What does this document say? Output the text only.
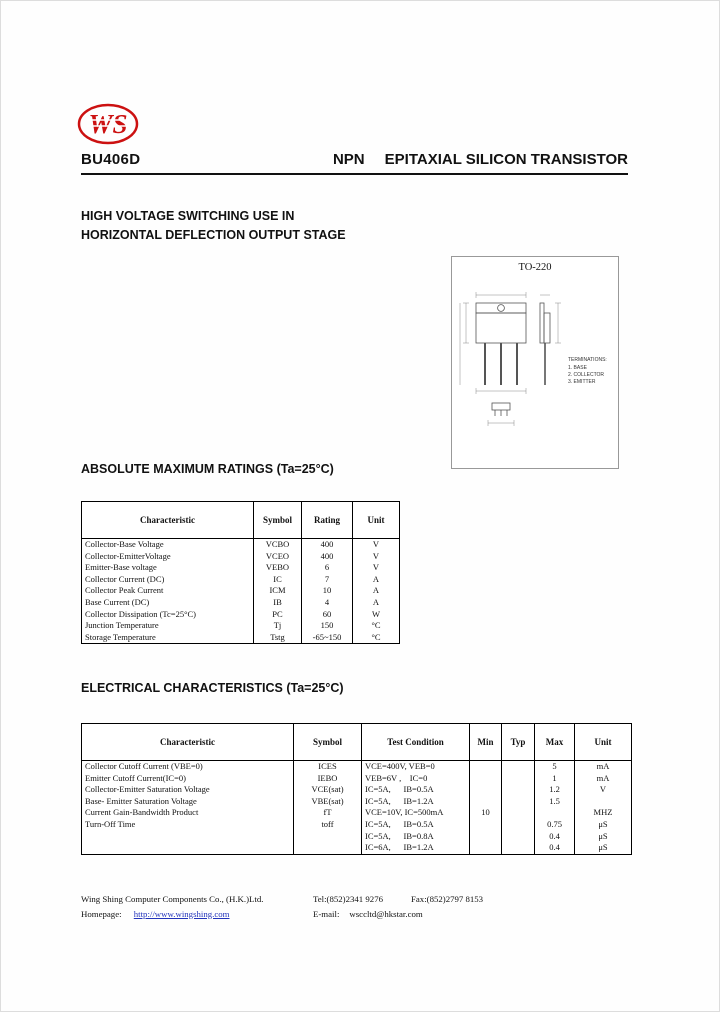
WS
BU406D	NPN EPITAXIAL SILICON TRANSISTOR
HIGH VOLTAGE SWITCHING USE IN
HORIZONTAL DEFLECTION OUTPUT STAGE
TO-220
TERMINATIONS:
1. BASE
2. COLLECTOR
3. EMITTER
ABSOLUTE MAXIMUM RATINGS (Ta=25°C)
Characteristic	Symbol	Rating	Unit
Collector-Base Voltage	VCBO	400	V
Collector-EmitterVoltage	VCEO	400	V
Emitter-Base voltage	VEBO	6	V
Collector Current (DC)	IC	7	A
Collector Peak Current	ICM	10	A
Base Current (DC)	IB	4	A
Collector Dissipation (Tc=25°C)	PC	60	W
Junction Temperature	Tj	150	°C
Storage Temperature	Tstg	-65~150	°C
ELECTRICAL CHARACTERISTICS (Ta=25°C)
Characteristic	Symbol	Test Condition	Min	Typ	Max	Unit
Collector Cutoff Current (VBE=0)	ICES	VCE=400V, VEB=0			5	mA
Emitter Cutoff Current(IC=0)	IEBO	VEB=6V ,    IC=0			1	mA
Collector-Emitter Saturation Voltage	VCE(sat)	IC=5A,      IB=0.5A			1.2	V
Base- Emitter Saturation Voltage	VBE(sat)	IC=5A,      IB=1.2A			1.5	
Current Gain-Bandwidth Product	fT	VCE=10V, IC=500mA	10			MHZ
Turn-Off Time	toff	IC=5A,      IB=0.5A			0.75	μS
		IC=5A,      IB=0.8A			0.4	μS
		IC=6A,      IB=1.2A			0.4	μS
Wing Shing Computer Components Co., (H.K.)Ltd.	Tel:(852)2341 9276	Fax:(852)2797 8153
Homepage: http://www.wingshing.com	E-mail: wsccltd@hkstar.com
